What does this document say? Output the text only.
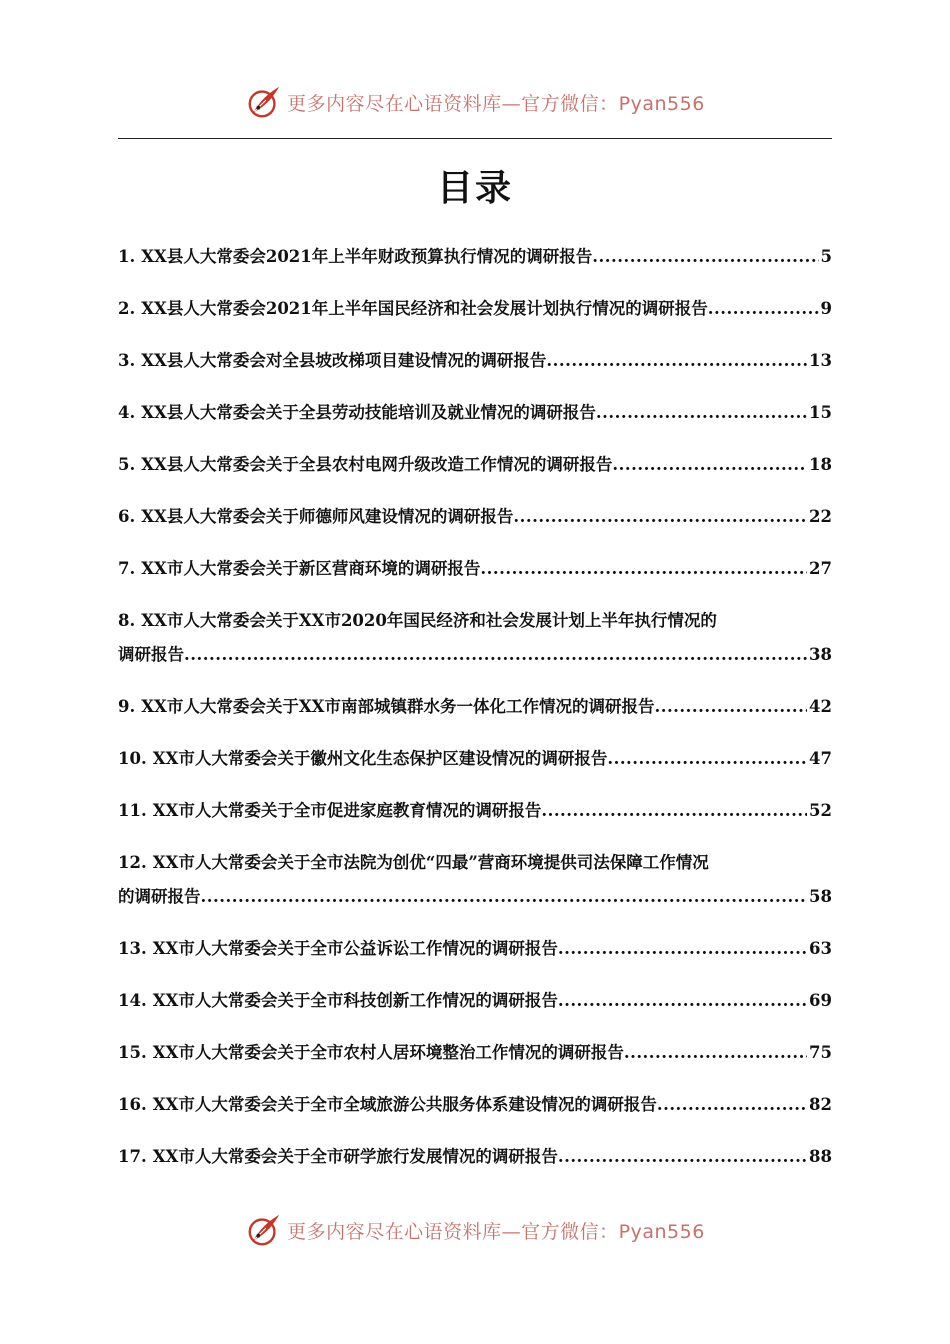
更多内容尽在心语资料库—官方微信：Pyan556
目录
1. XX县人大常委会2021年上半年财政预算执行情况的调研报告 .....	5
2. XX县人大常委会2021年上半年国民经济和社会发展计划执行情况的调研报告 .....	9
3. XX县人大常委会对全县坡改梯项目建设情况的调研报告 .....	13
4. XX县人大常委会关于全县劳动技能培训及就业情况的调研报告 .....	15
5. XX县人大常委会关于全县农村电网升级改造工作情况的调研报告 .....	18
6. XX县人大常委会关于师德师风建设情况的调研报告 .....	22
7. XX市人大常委会关于新区营商环境的调研报告 .....	27
8. XX市人大常委会关于XX市2020年国民经济和社会发展计划上半年执行情况的
调研报告 .....	38
9. XX市人大常委会关于XX市南部城镇群水务一体化工作情况的调研报告 .....	42
10. XX市人大常委会关于徽州文化生态保护区建设情况的调研报告 .....	47
11. XX市人大常委关于全市促进家庭教育情况的调研报告 .....	52
12. XX市人大常委会关于全市法院为创优“四最”营商环境提供司法保障工作情况
的调研报告 .....	58
13. XX市人大常委会关于全市公益诉讼工作情况的调研报告 .....	63
14. XX市人大常委会关于全市科技创新工作情况的调研报告 .....	69
15. XX市人大常委会关于全市农村人居环境整治工作情况的调研报告 .....	75
16. XX市人大常委会关于全市全域旅游公共服务体系建设情况的调研报告 .....	82
17. XX市人大常委会关于全市研学旅行发展情况的调研报告 .....	88
更多内容尽在心语资料库—官方微信：Pyan556
